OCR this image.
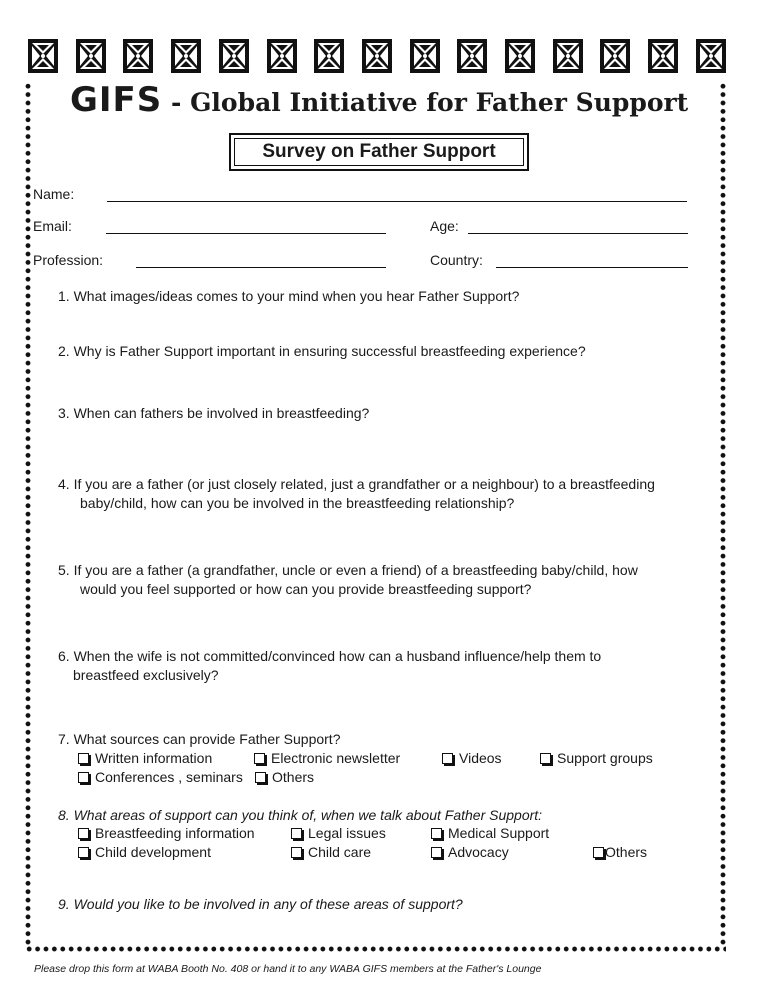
GIFS - Global Initiative for Father Support
Survey on Father Support
Name:
Email:	Age:
Profession:	Country:
1. What images/ideas comes to your mind when you hear Father Support?
2. Why is Father Support important in ensuring successful breastfeeding experience?
3. When can fathers be involved in breastfeeding?
4. If you are a father (or just closely related, just a grandfather or a neighbour) to a breastfeeding
baby/child, how can you be involved in the breastfeeding relationship?
5. If you are a father (a grandfather, uncle or even a friend) of a breastfeeding baby/child, how
would you feel supported or how can you provide breastfeeding support?
6. When the wife is not committed/convinced how can a husband influence/help them to
breastfeed exclusively?
7. What sources can provide Father Support?
Written information	Electronic newsletter	Videos	Support groups
Conferences , seminars	Others
8. What areas of support can you think of, when we talk about Father Support:
Breastfeeding information	Legal issues	Medical Support
Child development	Child care	Advocacy	Others
9. Would you like to be involved in any of these areas of support?
Please drop this form at WABA Booth No. 408 or hand it to any WABA GIFS members at the Father's Lounge
